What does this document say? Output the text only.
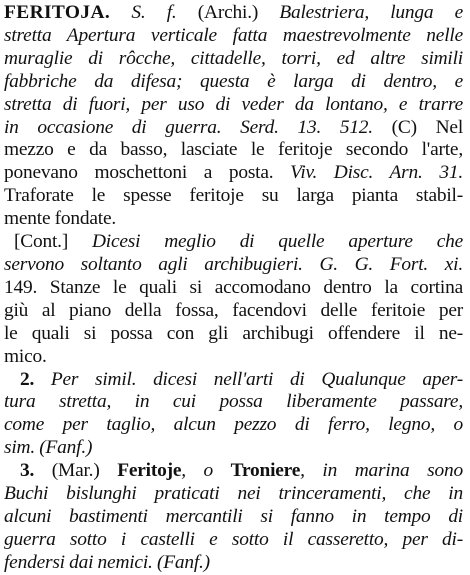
FERITOJA. S. f. (Archi.) Balestriera, lunga e
stretta Apertura verticale fatta maestrevolmente nelle
muraglie di rôcche, cittadelle, torri, ed altre simili
fabbriche da difesa; questa è larga di dentro, e
stretta di fuori, per uso di veder da lontano, e trarre
in occasione di guerra. Serd. 13. 512. (C) Nel
mezzo e da basso, lasciate le feritoje secondo l'arte,
ponevano moschettoni a posta. Viv. Disc. Arn. 31.
Traforate le spesse feritoje su larga pianta stabil-
mente fondate.
[Cont.] Dicesi meglio di quelle aperture che
servono soltanto agli archibugieri. G. G. Fort. xi.
149. Stanze le quali si accomodano dentro la cortina
giù al piano della fossa, facendovi delle feritoie per
le quali si possa con gli archibugi offendere il ne-
mico.
2. Per simil. dicesi nell'arti di Qualunque aper-
tura stretta, in cui possa liberamente passare,
come per taglio, alcun pezzo di ferro, legno, o
sim. (Fanf.)
3. (Mar.) Feritoje, o Troniere, in marina sono
Buchi bislunghi praticati nei trinceramenti, che in
alcuni bastimenti mercantili si fanno in tempo di
guerra sotto i castelli e sotto il casseretto, per di-
fendersi dai nemici. (Fanf.)
